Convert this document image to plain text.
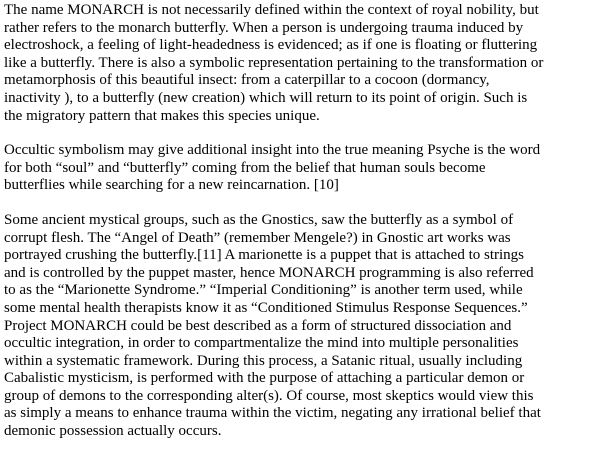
The name MONARCH is not necessarily defined within the context of royal nobility, but
rather refers to the monarch butterfly. When a person is undergoing trauma induced by
electroshock, a feeling of light-headedness is evidenced; as if one is floating or fluttering
like a butterfly. There is also a symbolic representation pertaining to the transformation or
metamorphosis of this beautiful insect: from a caterpillar to a cocoon (dormancy,
inactivity ), to a butterfly (new creation) which will return to its point of origin. Such is
the migratory pattern that makes this species unique.

Occultic symbolism may give additional insight into the true meaning Psyche is the word
for both “soul” and “butterfly” coming from the belief that human souls become
butterflies while searching for a new reincarnation. [10]

Some ancient mystical groups, such as the Gnostics, saw the butterfly as a symbol of
corrupt flesh. The “Angel of Death” (remember Mengele?) in Gnostic art works was
portrayed crushing the butterfly.[11] A marionette is a puppet that is attached to strings
and is controlled by the puppet master, hence MONARCH programming is also referred
to as the “Marionette Syndrome.” “Imperial Conditioning” is another term used, while
some mental health therapists know it as “Conditioned Stimulus Response Sequences.”
Project MONARCH could be best described as a form of structured dissociation and
occultic integration, in order to compartmentalize the mind into multiple personalities
within a systematic framework. During this process, a Satanic ritual, usually including
Cabalistic mysticism, is performed with the purpose of attaching a particular demon or
group of demons to the corresponding alter(s). Of course, most skeptics would view this
as simply a means to enhance trauma within the victim, negating any irrational belief that
demonic possession actually occurs.
